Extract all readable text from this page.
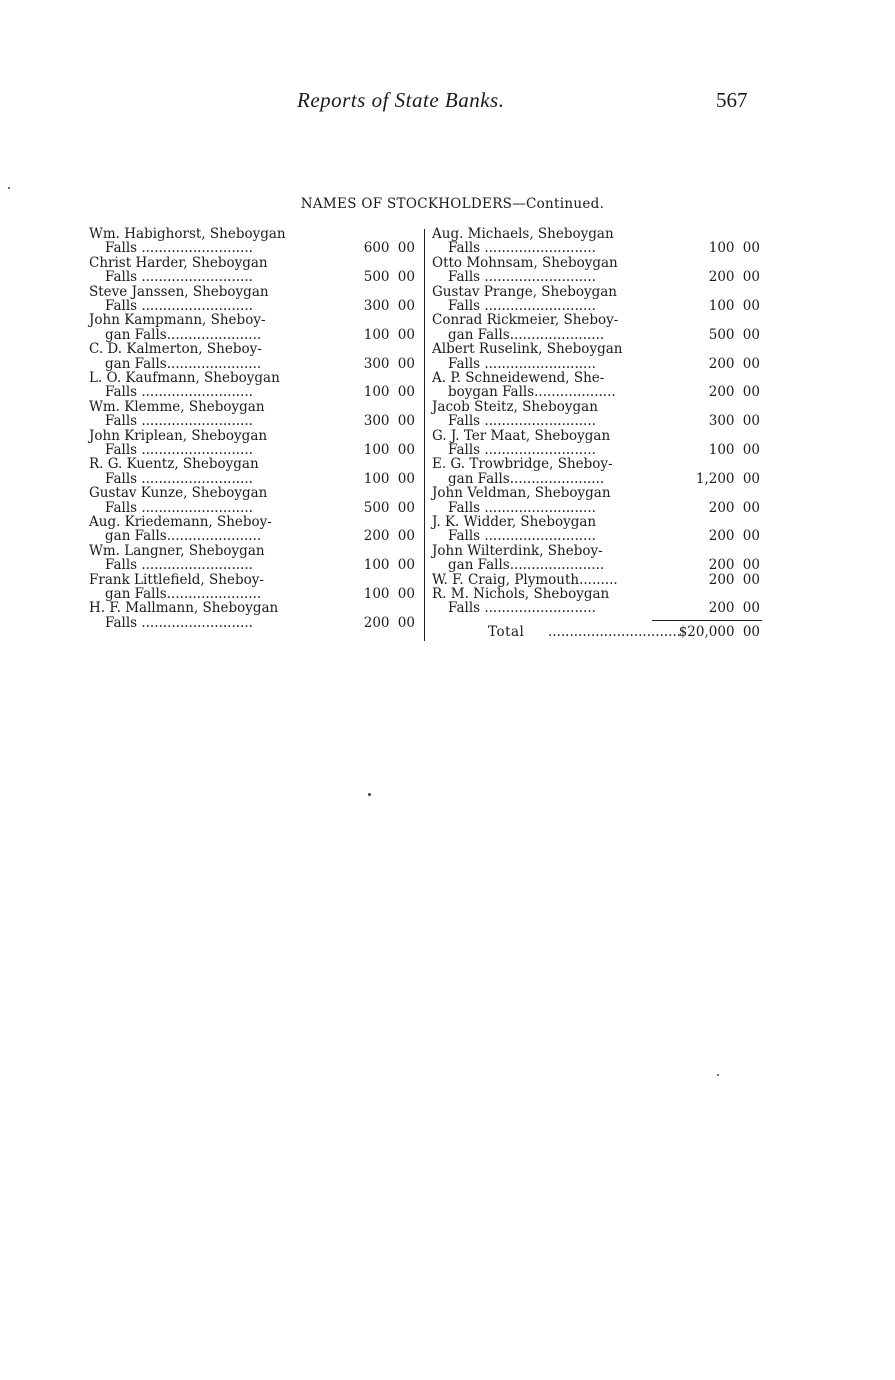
Reports of State Banks.	567
NAMES OF STOCKHOLDERS—Continued.
Wm. Habighorst, Sheboygan
Falls ..........................	600 00
Christ Harder, Sheboygan
Falls ..........................	500 00
Steve Janssen, Sheboygan
Falls ..........................	300 00
John Kampmann, Sheboy-
gan Falls......................	100 00
C. D. Kalmerton, Sheboy-
gan Falls......................	300 00
L. O. Kaufmann, Sheboygan
Falls ..........................	100 00
Wm. Klemme, Sheboygan
Falls ..........................	300 00
John Kriplean, Sheboygan
Falls ..........................	100 00
R. G. Kuentz, Sheboygan
Falls ..........................	100 00
Gustav Kunze, Sheboygan
Falls ..........................	500 00
Aug. Kriedemann, Sheboy-
gan Falls......................	200 00
Wm. Langner, Sheboygan
Falls ..........................	100 00
Frank Littlefield, Sheboy-
gan Falls......................	100 00
H. F. Mallmann, Sheboygan
Falls ..........................	200 00
Aug. Michaels, Sheboygan
Falls ..........................	100 00
Otto Mohnsam, Sheboygan
Falls ..........................	200 00
Gustav Prange, Sheboygan
Falls ..........................	100 00
Conrad Rickmeier, Sheboy-
gan Falls......................	500 00
Albert Ruselink, Sheboygan
Falls ..........................	200 00
A. P. Schneidewend, She-
boygan Falls...................	200 00
Jacob Steitz, Sheboygan
Falls ..........................	300 00
G. J. Ter Maat, Sheboygan
Falls ..........................	100 00
E. G. Trowbridge, Sheboy-
gan Falls......................	1,200 00
John Veldman, Sheboygan
Falls ..........................	200 00
J. K. Widder, Sheboygan
Falls ..........................	200 00
John Wilterdink, Sheboy-
gan Falls......................	200 00
W. F. Craig, Plymouth.........	200 00
R. M. Nichols, Sheboygan
Falls ..........................	200 00
Total ...............................
$20,000 00
